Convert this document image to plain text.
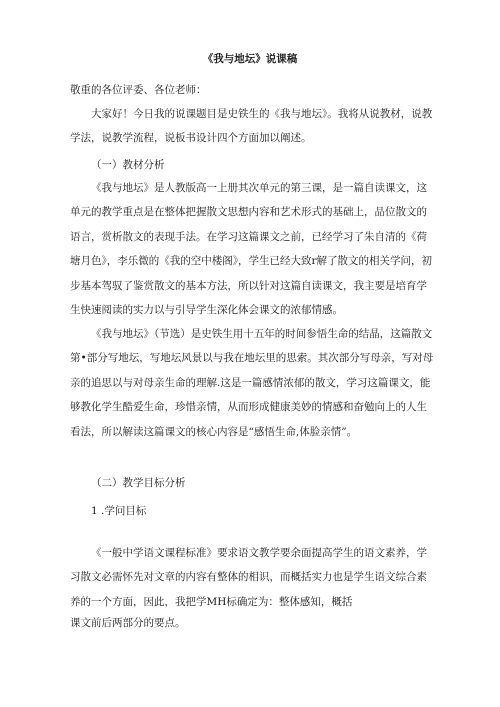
《我与地坛》说课稿
敬重的各位评委、各位老师：

大家好！今日我的说课题目是史铁生的《我与地坛》。我将从说教材，说教学法，说教学流程，说板书设计四个方面加以阐述。

（一）教材分析

《我与地坛》是人教版高一上册其次单元的第三课，是一篇自读课文，这单元的教学重点是在整体把握散文思想内容和艺术形式的基础上，品位散文的语言，赏析散文的表现手法。在学习这篇课文之前，已经学习了朱自清的《荷塘月色》，李乐微的《我的空中楼阁》，学生已经大致r解了散文的相关学问，初步基本驾驭了鉴赏散文的基本方法，所以针对这篇自读课文，我主要是培育学生快速阅读的实力以与引导学生深化体会课文的浓郁情感。

《我与地坛》（节选）是史铁生用十五年的时间参悟生命的结晶，这篇散文第•部分写地坛，写地坛风景以与我在地坛里的思索。其次部分写母亲，写对母亲的追思以与对母亲生命的理解.这是一篇感情浓郁的散文，学习这篇课文，能够教化学生酷爱生命，珍惜亲情，从而形成健康美妙的情感和奋勉向上的人生看法，所以解读这篇课文的核心内容是“感悟生命,体脸亲情”。

（二）教学目标分析
1 .学问目标

《一般中学语文课程标准》要求语文教学要余面提高学生的语文素养，学习散文必需怀先对文章的内容有整体的相识，而概括实力也是学生语文综合素养的一个方面，因此，我把学MH标确定为：整体感知，概括

课文前后两部分的要点。
